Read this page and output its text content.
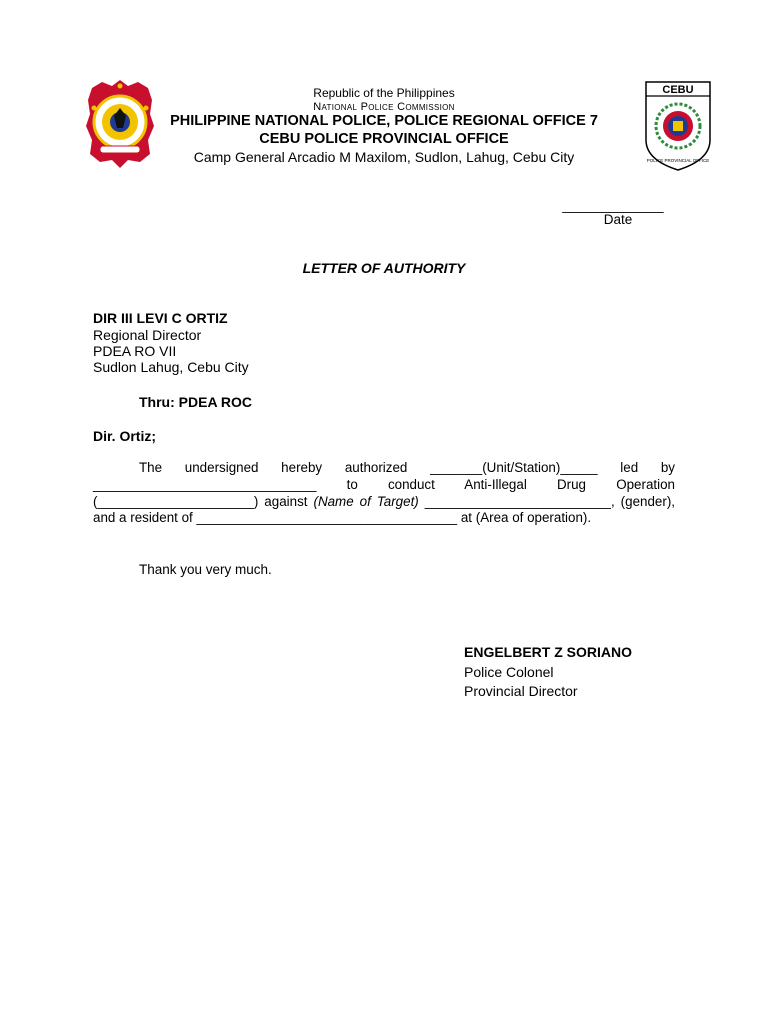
CEBU
POLICE PROVINCIAL OFFICE
Republic of the Philippines
National Police Commission
PHILIPPINE NATIONAL POLICE, POLICE REGIONAL OFFICE 7
CEBU POLICE PROVINCIAL OFFICE
Camp General Arcadio M Maxilom, Sudlon, Lahug, Cebu City
_____________
Date
LETTER OF AUTHORITY
DIR III LEVI C ORTIZ
Regional Director
PDEA RO VII
Sudlon Lahug, Cebu City
Thru: PDEA ROC
Dir. Ortiz;
The undersigned hereby authorized _______(Unit/Station)_____ led by ______________________________ to conduct Anti-Illegal Drug Operation (_____________________) against (Name of Target) _________________________, (gender), and a resident of ___________________________________ at (Area of operation).
Thank you very much.
ENGELBERT Z SORIANO
Police Colonel
Provincial Director
